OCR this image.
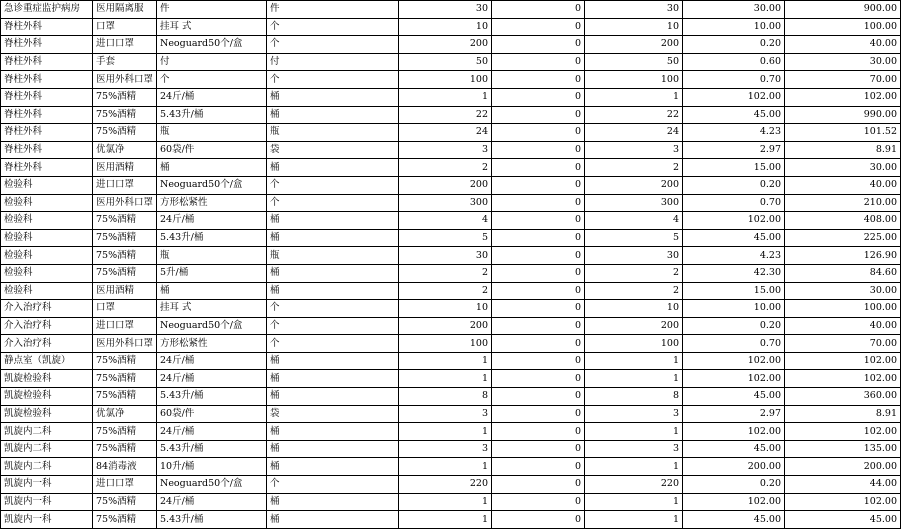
急诊重症监护病房	医用隔离服	件	件	30	0	30	30.00	900.00
脊柱外科	口罩	挂耳 式	个	10	0	10	10.00	100.00
脊柱外科	进口口罩	Neoguard50个/盒	个	200	0	200	0.20	40.00
脊柱外科	手套	付	付	50	0	50	0.60	30.00
脊柱外科	医用外科口罩	个	个	100	0	100	0.70	70.00
脊柱外科	75%酒精	24斤/桶	桶	1	0	1	102.00	102.00
脊柱外科	75%酒精	5.43升/桶	桶	22	0	22	45.00	990.00
脊柱外科	75%酒精	瓶	瓶	24	0	24	4.23	101.52
脊柱外科	优氯净	60袋/件	袋	3	0	3	2.97	8.91
脊柱外科	医用酒精	桶	桶	2	0	2	15.00	30.00
检验科	进口口罩	Neoguard50个/盒	个	200	0	200	0.20	40.00
检验科	医用外科口罩	方形松紧性	个	300	0	300	0.70	210.00
检验科	75%酒精	24斤/桶	桶	4	0	4	102.00	408.00
检验科	75%酒精	5.43升/桶	桶	5	0	5	45.00	225.00
检验科	75%酒精	瓶	瓶	30	0	30	4.23	126.90
检验科	75%酒精	5升/桶	桶	2	0	2	42.30	84.60
检验科	医用酒精	桶	桶	2	0	2	15.00	30.00
介入治疗科	口罩	挂耳 式	个	10	0	10	10.00	100.00
介入治疗科	进口口罩	Neoguard50个/盒	个	200	0	200	0.20	40.00
介入治疗科	医用外科口罩	方形松紧性	个	100	0	100	0.70	70.00
静点室（凯旋）	75%酒精	24斤/桶	桶	1	0	1	102.00	102.00
凯旋检验科	75%酒精	24斤/桶	桶	1	0	1	102.00	102.00
凯旋检验科	75%酒精	5.43升/桶	桶	8	0	8	45.00	360.00
凯旋检验科	优氯净	60袋/件	袋	3	0	3	2.97	8.91
凯旋内二科	75%酒精	24斤/桶	桶	1	0	1	102.00	102.00
凯旋内二科	75%酒精	5.43升/桶	桶	3	0	3	45.00	135.00
凯旋内二科	84消毒液	10升/桶	桶	1	0	1	200.00	200.00
凯旋内一科	进口口罩	Neoguard50个/盒	个	220	0	220	0.20	44.00
凯旋内一科	75%酒精	24斤/桶	桶	1	0	1	102.00	102.00
凯旋内一科	75%酒精	5.43升/桶	桶	1	0	1	45.00	45.00
